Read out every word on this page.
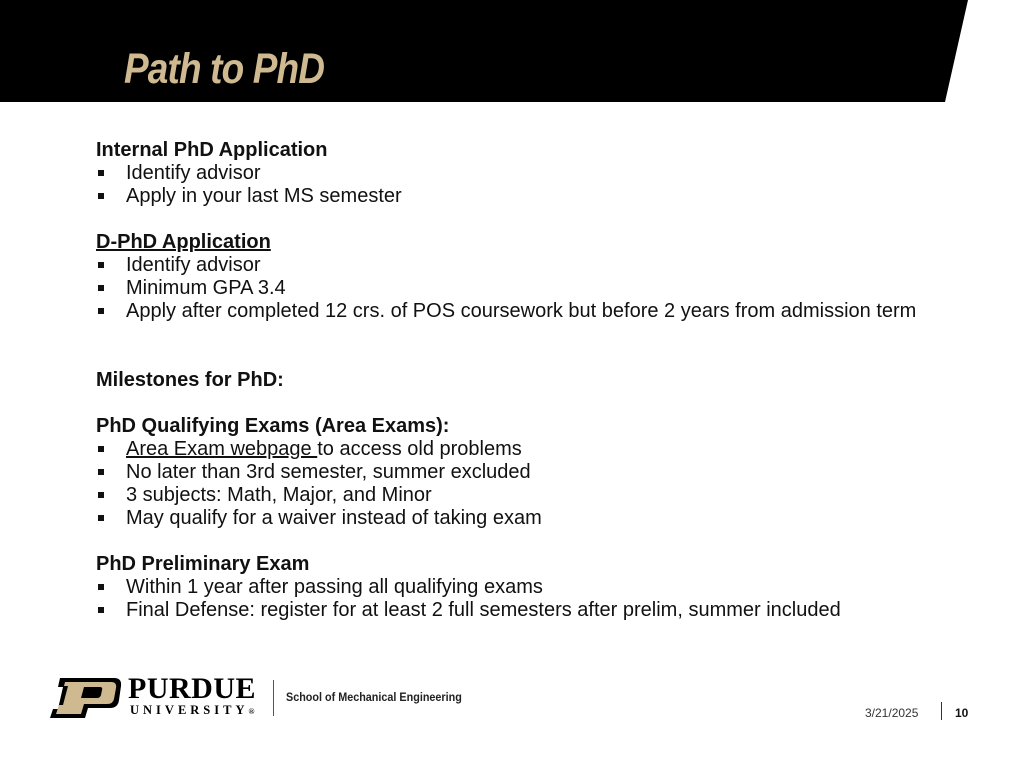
Path to PhD

Internal PhD Application

Identify advisor
Apply in your last MS semester

D-PhD Application

Identify advisor
Minimum GPA 3.4
Apply after completed 12 crs. of POS coursework but before 2 years from admission term

Milestones for PhD:

PhD Qualifying Exams (Area Exams):

Area Exam webpage to access old problems
No later than 3rd semester, summer excluded
3 subjects: Math, Major, and Minor
May qualify for a waiver instead of taking exam

PhD Preliminary Exam

Within 1 year after passing all qualifying exams
Final Defense: register for at least 2 full semesters after prelim, summer included
PURDUE
UNIVERSITY®
School of Mechanical Engineering
3/21/2025	10
